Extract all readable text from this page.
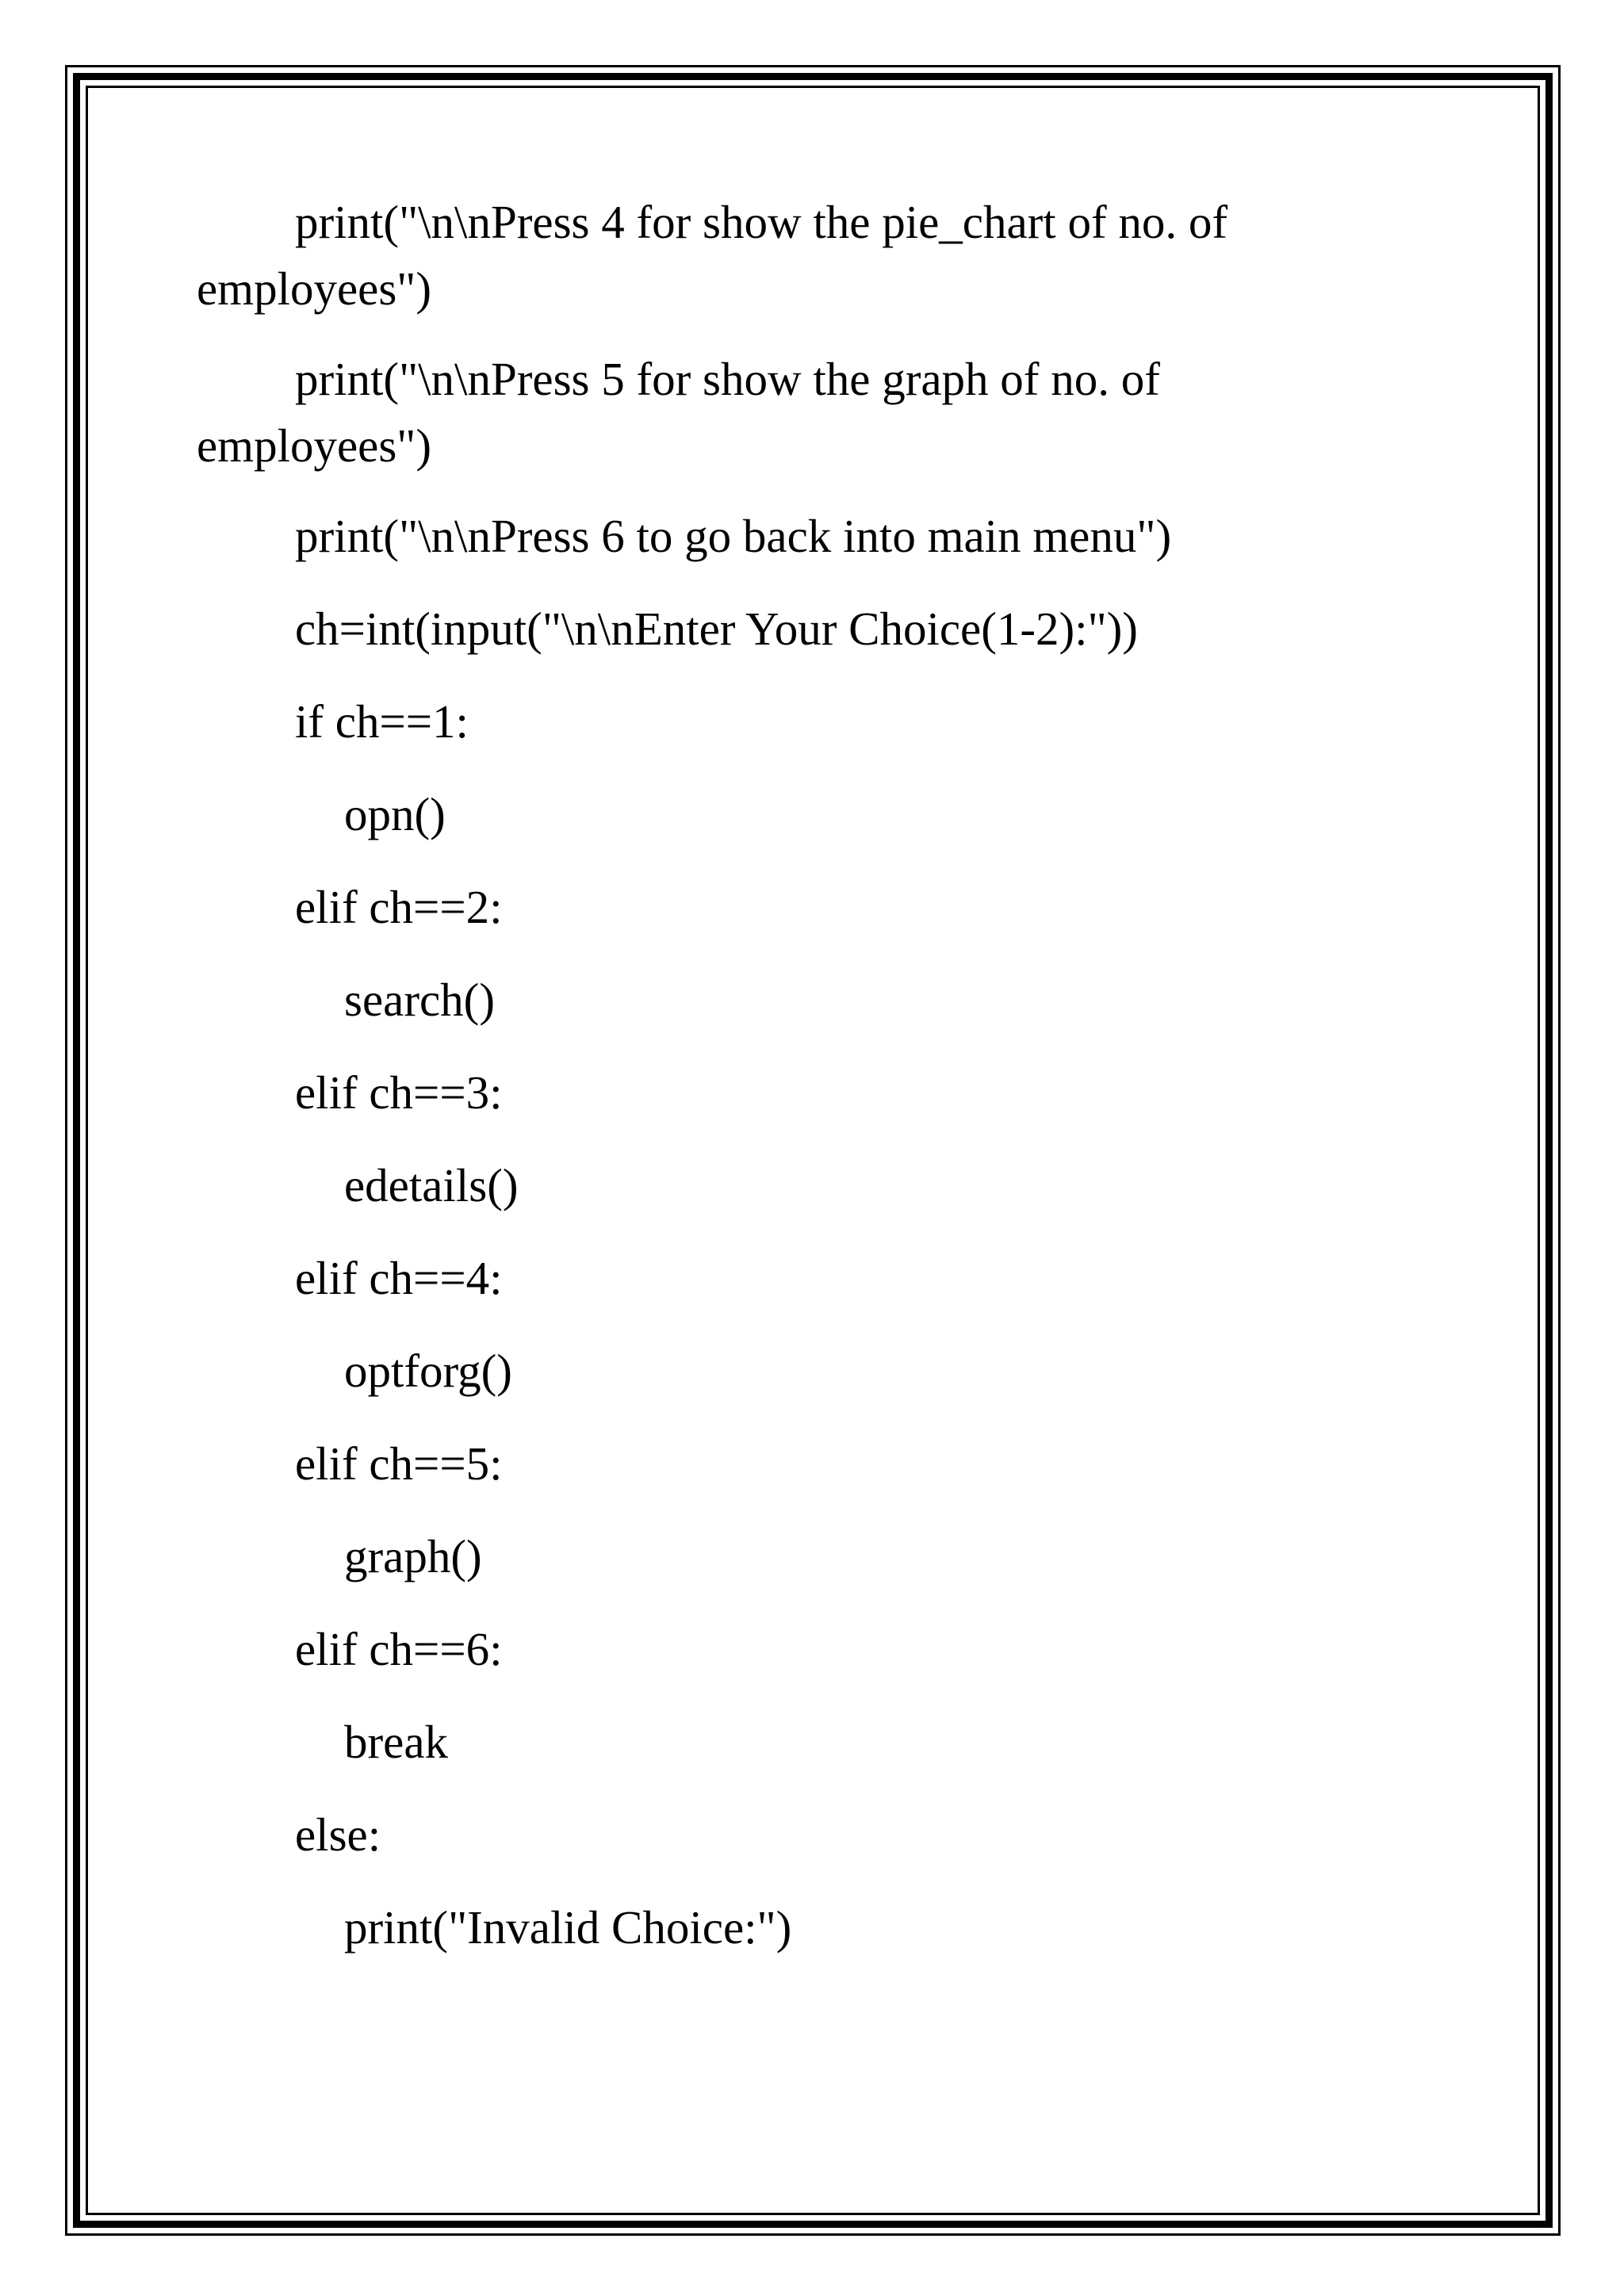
print("\n\nPress 4 for show the pie_chart of no. of
employees")
print("\n\nPress 5 for show the graph of no. of
employees")
print("\n\nPress 6 to go back into main menu")
ch=int(input("\n\nEnter Your Choice(1-2):"))
if ch==1:
opn()
elif ch==2:
search()
elif ch==3:
edetails()
elif ch==4:
optforg()
elif ch==5:
graph()
elif ch==6:
break
else:
print("Invalid Choice:")
